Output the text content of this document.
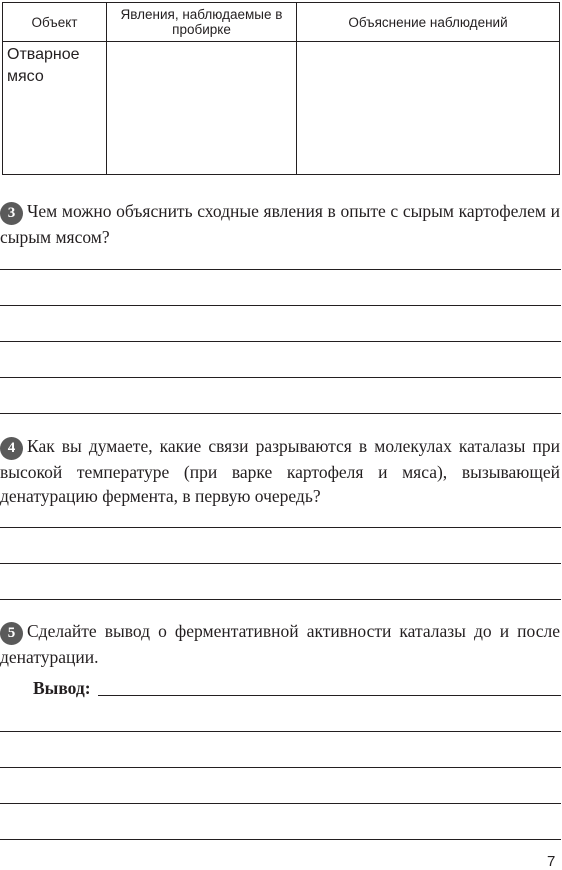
Объект	Явления, наблюдаемые в пробирке	Объяснение наблюдений
Отварное мясо		
3 Чем можно объяснить сходные явления в опыте с сырым картофелем и сырым мясом?
4 Как вы думаете, какие связи разрываются в молекулах каталазы при высокой температуре (при варке картофеля и мяса), вызывающей денатурацию фермента, в первую очередь?
5 Сделайте вывод о ферментативной активности каталазы до и после денатурации.
Вывод:
7
